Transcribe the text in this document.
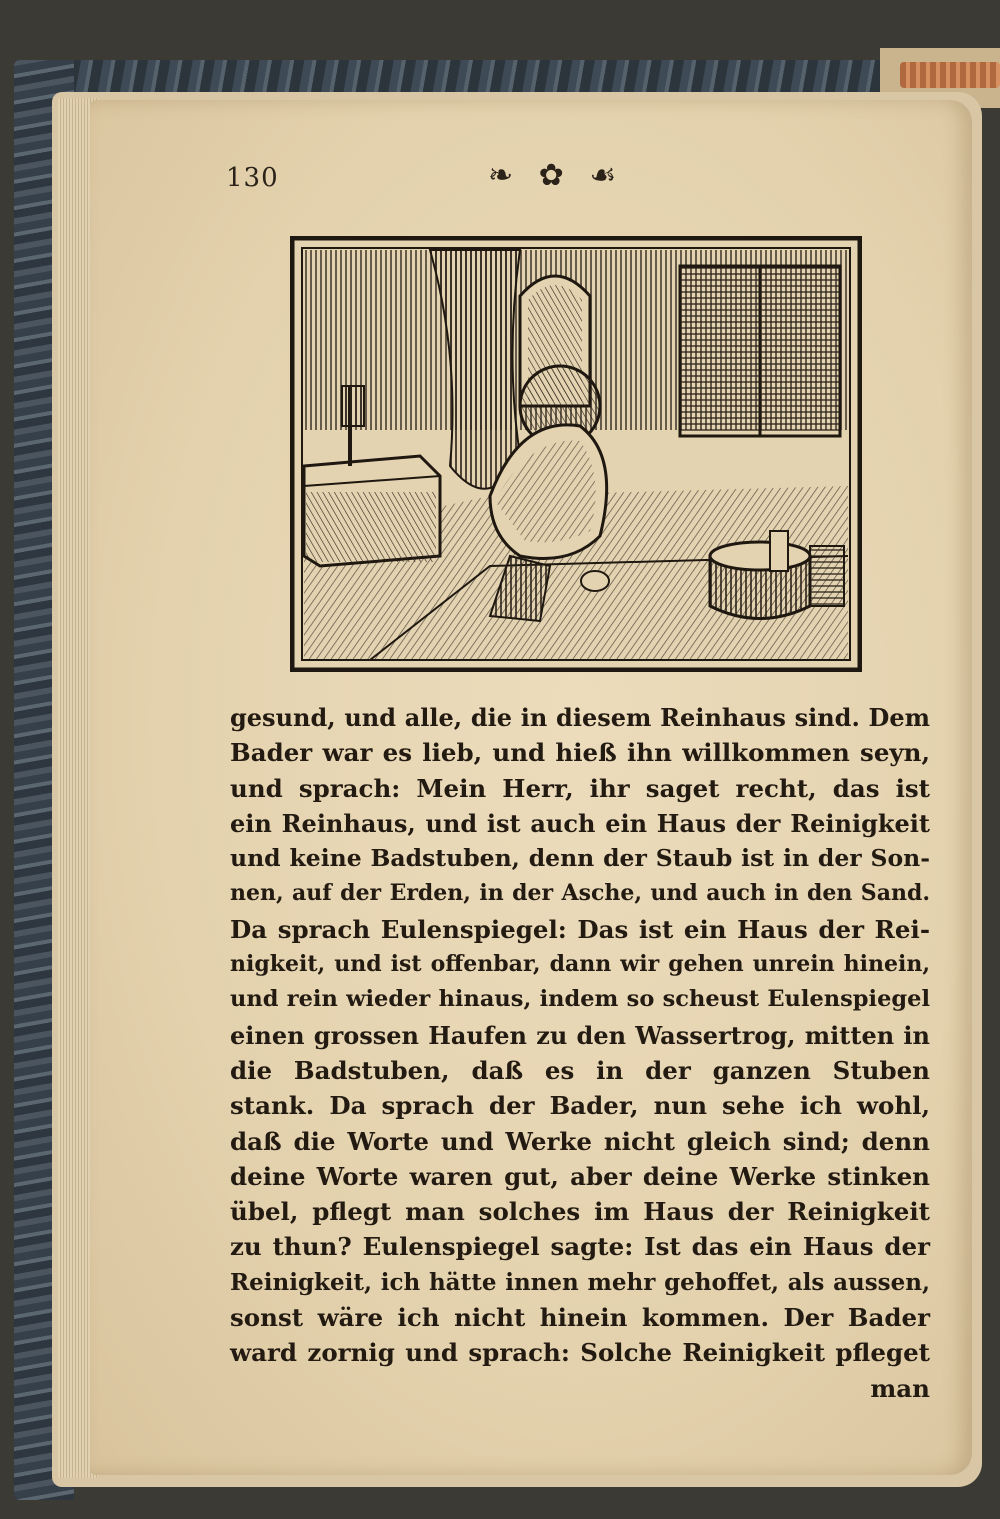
130	❧ ✿ ☙
gesund, und alle, die in diesem Reinhaus sind. Dem
Bader war es lieb, und hieß ihn willkommen seyn,
und sprach: Mein Herr, ihr saget recht, das ist
ein Reinhaus, und ist auch ein Haus der Reinigkeit
und keine Badstuben, denn der Staub ist in der Son-
nen, auf der Erden, in der Asche, und auch in den Sand.
Da sprach Eulenspiegel: Das ist ein Haus der Rei-
nigkeit, und ist offenbar, dann wir gehen unrein hinein,
und rein wieder hinaus, indem so scheust Eulenspiegel
einen grossen Haufen zu den Wassertrog, mitten in
die Badstuben, daß es in der ganzen Stuben
stank. Da sprach der Bader, nun sehe ich wohl,
daß die Worte und Werke nicht gleich sind; denn
deine Worte waren gut, aber deine Werke stinken
übel, pflegt man solches im Haus der Reinigkeit
zu thun? Eulenspiegel sagte: Ist das ein Haus der
Reinigkeit, ich hätte innen mehr gehoffet, als aussen,
sonst wäre ich nicht hinein kommen. Der Bader
ward zornig und sprach: Solche Reinigkeit pfleget
man
